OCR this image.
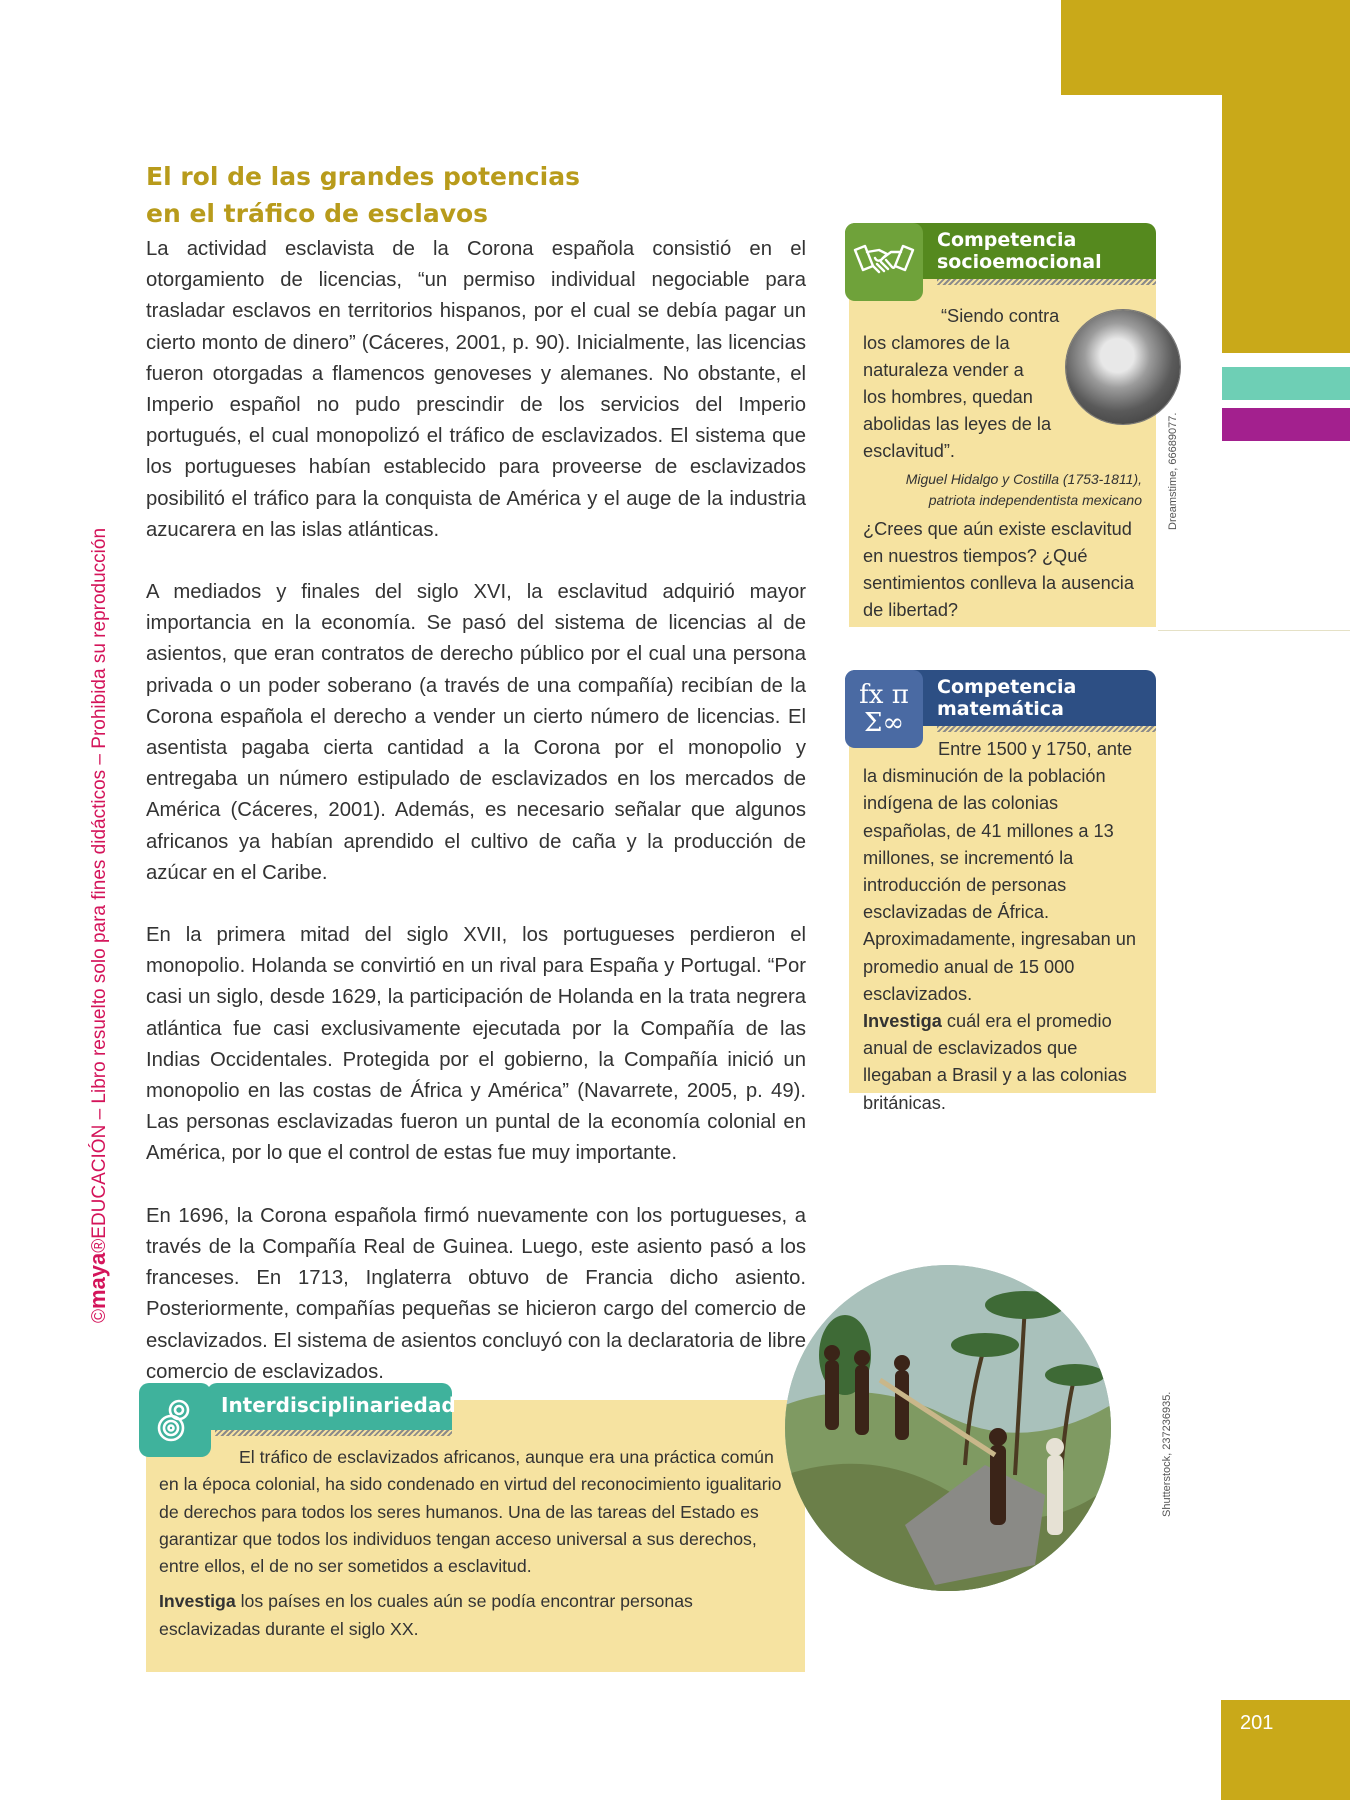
©maya®EDUCACIÓN – Libro resuelto solo para fines didácticos – Prohibida su reproducción
El rol de las grandes potencias
en el tráfico de esclavos

La actividad esclavista de la Corona española consistió en el otorgamiento de licencias, “un permiso individual negociable para trasladar esclavos en territorios hispanos, por el cual se debía pagar un cierto monto de dinero” (Cáceres, 2001, p. 90). Inicialmente, las licencias fueron otorgadas a flamencos genoveses y alemanes. No obstante, el Imperio español no pudo prescindir de los servicios del Imperio portugués, el cual monopolizó el tráfico de esclavizados. El sistema que los portugueses habían establecido para proveerse de esclavizados posibilitó el tráfico para la conquista de América y el auge de la industria azucarera en las islas atlánticas.

A mediados y finales del siglo XVI, la esclavitud adquirió mayor importancia en la economía. Se pasó del sistema de licencias al de asientos, que eran contratos de derecho público por el cual una persona privada o un poder soberano (a través de una compañía) recibían de la Corona española el derecho a vender un cierto número de licencias. El asentista pagaba cierta cantidad a la Corona por el monopolio y entregaba un número estipulado de esclavizados en los mercados de América (Cáceres, 2001). Además, es necesario señalar que algunos africanos ya habían aprendido el cultivo de caña y la producción de azúcar en el Caribe.

En la primera mitad del siglo XVII, los portugueses perdieron el monopolio. Holanda se convirtió en un rival para España y Portugal. “Por casi un siglo, desde 1629, la participación de Holanda en la trata negrera atlántica fue casi exclusivamente ejecutada por la Compañía de las Indias Occidentales. Protegida por el gobierno, la Compañía inició un monopolio en las costas de África y América” (Navarrete, 2005, p. 49). Las personas esclavizadas fueron un puntal de la economía colonial en América, por lo que el control de estas fue muy importante.

En 1696, la Corona española firmó nuevamente con los portugueses, a través de la Compañía Real de Guinea. Luego, este asiento pasó a los franceses. En 1713, Inglaterra obtuvo de Francia dicho asiento. Posteriormente, compañías pequeñas se hicieron cargo del comercio de esclavizados. El sistema de asientos concluyó con la declaratoria de libre comercio de esclavizados.

“Siendo contra
los clamores de la
naturaleza vender a
los hombres, quedan
abolidas las leyes de la
esclavitud”.
Miguel Hidalgo y Costilla (1753-1811),
patriota independentista mexicano
¿Crees que aún existe esclavitud en nuestros tiempos? ¿Qué sentimientos conlleva la ausencia de libertad?
Competencia
socioemocional
Dreamstime, 66689077.
Entre 1500 y 1750, ante la disminución de la población indígena de las colonias españolas, de 41 millones a 13 millones, se incrementó la introducción de personas esclavizadas de África. Aproximadamente, ingresaban un promedio anual de 15 000 esclavizados.
Investiga cuál era el promedio anual de esclavizados que llegaban a Brasil y a las colonias británicas.
fx π
Σ∞
Competencia
matemática
Interdisciplinariedad

El tráfico de esclavizados africanos, aunque era una práctica común en la época colonial, ha sido condenado en virtud del reconocimiento igualitario de derechos para todos los seres humanos. Una de las tareas del Estado es garantizar que todos los individuos tengan acceso universal a sus derechos, entre ellos, el de no ser sometidos a esclavitud.

Investiga los países en los cuales aún se podía encontrar personas esclavizadas durante el siglo XX.

Shutterstock, 237236935.
201
